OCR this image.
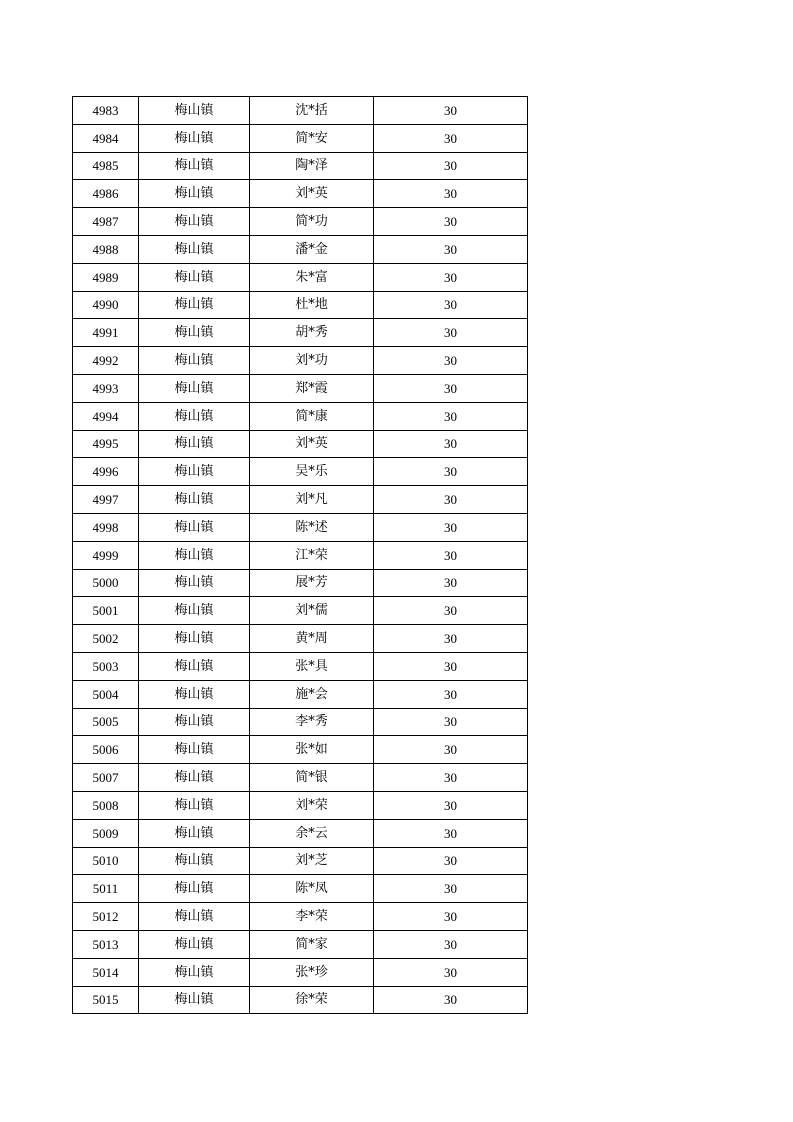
4983	梅山镇	沈*括	30
4984	梅山镇	简*安	30
4985	梅山镇	陶*泽	30
4986	梅山镇	刘*英	30
4987	梅山镇	简*功	30
4988	梅山镇	潘*金	30
4989	梅山镇	朱*富	30
4990	梅山镇	杜*地	30
4991	梅山镇	胡*秀	30
4992	梅山镇	刘*功	30
4993	梅山镇	郑*霞	30
4994	梅山镇	简*康	30
4995	梅山镇	刘*英	30
4996	梅山镇	吴*乐	30
4997	梅山镇	刘*凡	30
4998	梅山镇	陈*述	30
4999	梅山镇	江*荣	30
5000	梅山镇	展*芳	30
5001	梅山镇	刘*儒	30
5002	梅山镇	黄*周	30
5003	梅山镇	张*具	30
5004	梅山镇	施*会	30
5005	梅山镇	李*秀	30
5006	梅山镇	张*如	30
5007	梅山镇	简*银	30
5008	梅山镇	刘*荣	30
5009	梅山镇	余*云	30
5010	梅山镇	刘*芝	30
5011	梅山镇	陈*凤	30
5012	梅山镇	李*荣	30
5013	梅山镇	简*家	30
5014	梅山镇	张*珍	30
5015	梅山镇	徐*荣	30
